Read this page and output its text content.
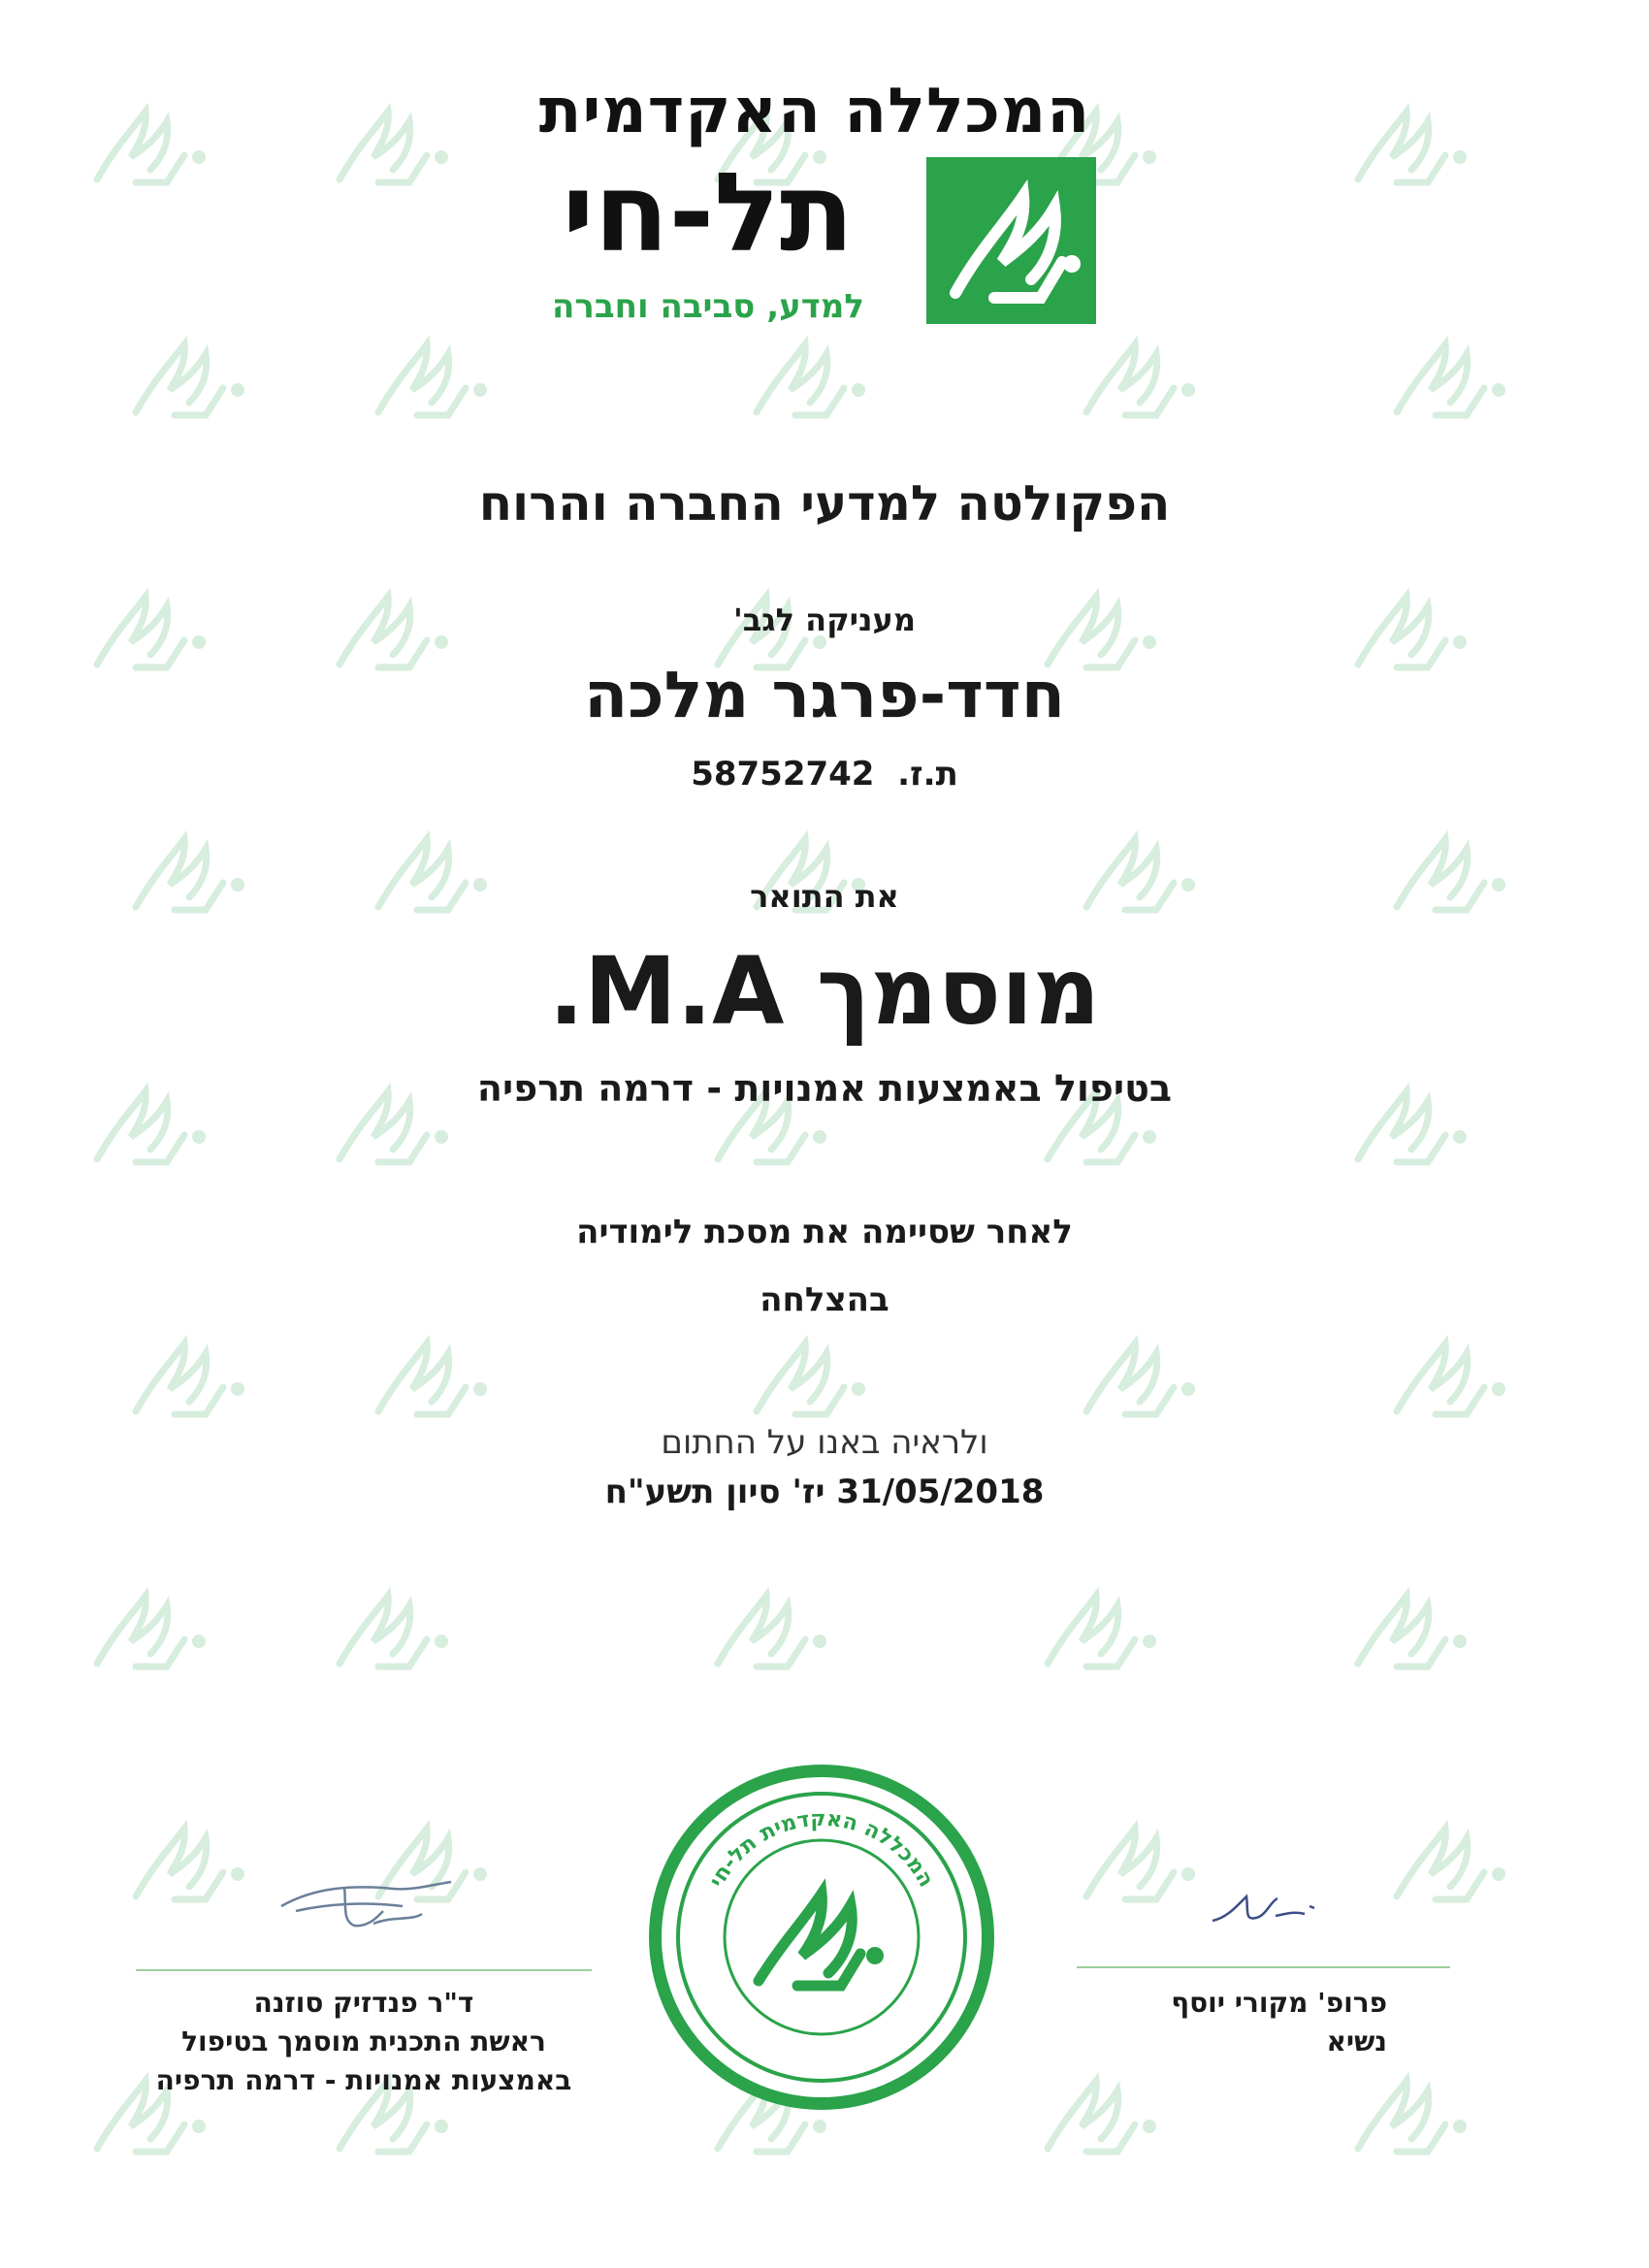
המכללה האקדמית
תל-חי
למדע, סביבה וחברה
הפקולטה למדעי החברה והרוח
מעניקה לגב'
חדד-פרגר מלכה
ת.ז.  58752742
את התואר
מוסמך M.A.
בטיפול באמצעות אמנויות - דרמה תרפיה
לאחר שסיימה את מסכת לימודיה
בהצלחה
ולראיה באנו על החתום
31/05/2018 יז' סיון תשע"ח
ד"ר פנדזיק סוזנה
ראשת התכנית מוסמך בטיפול
באמצעות אמנויות - דרמה תרפיה
המכללה האקדמית תל-חי
פרופ' מקורי יוסף
נשיא
